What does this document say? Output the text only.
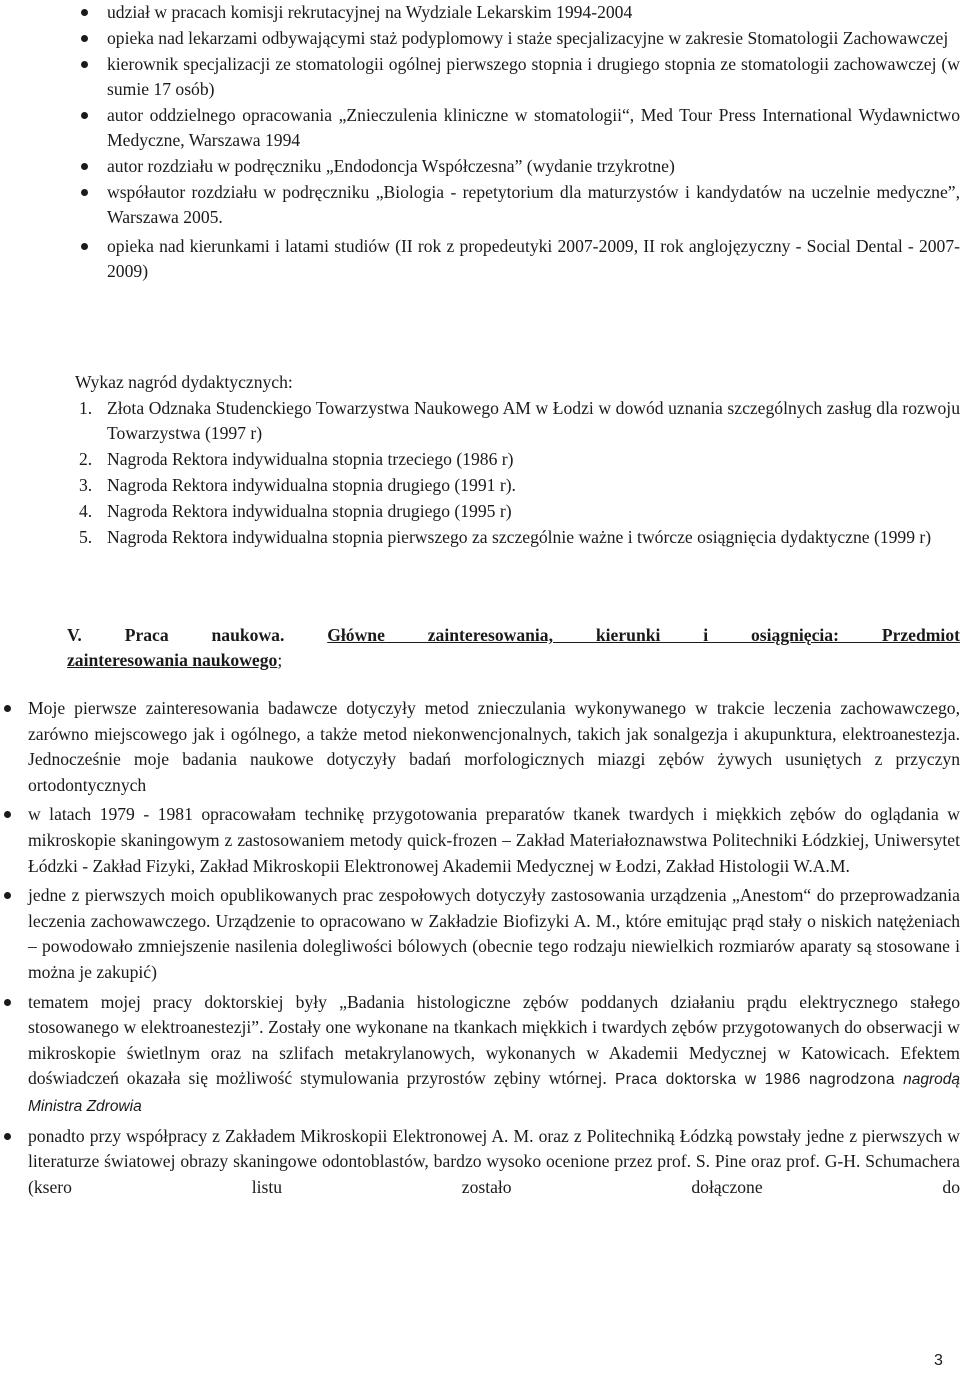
udział w pracach komisji rekrutacyjnej na Wydziale Lekarskim 1994-2004
opieka nad lekarzami odbywającymi staż podyplomowy i staże specjalizacyjne w zakresie Stomatologii Zachowawczej
kierownik specjalizacji ze stomatologii ogólnej pierwszego stopnia i drugiego stopnia ze stomatologii zachowawczej (w sumie 17 osób)
autor oddzielnego opracowania „Znieczulenia kliniczne w stomatologii“, Med Tour Press International Wydawnictwo Medyczne, Warszawa 1994
autor rozdziału w podręczniku „Endodoncja Współczesna” (wydanie trzykrotne)
współautor rozdziału w podręczniku „Biologia - repetytorium dla maturzystów i kandydatów na uczelnie medyczne”, Warszawa 2005.
opieka nad kierunkami i latami studiów (II rok z propedeutyki 2007-2009, II rok anglojęzyczny - Social Dental - 2007-2009)

Wykaz nagród dydaktycznych:

1. Złota Odznaka Studenckiego Towarzystwa Naukowego AM w Łodzi w dowód uznania szczególnych zasług dla rozwoju Towarzystwa (1997 r)
2. Nagroda Rektora indywidualna stopnia trzeciego (1986 r)
3. Nagroda Rektora indywidualna stopnia drugiego (1991 r).
4. Nagroda Rektora indywidualna stopnia drugiego (1995 r)
5. Nagroda Rektora indywidualna stopnia pierwszego za szczególnie ważne i twórcze osiągnięcia dydaktyczne (1999 r)
V. Praca naukowa. Główne zainteresowania, kierunki i osiągnięcia: Przedmiot
zainteresowania naukowego;
Moje pierwsze zainteresowania badawcze dotyczyły metod znieczulania wykonywanego w trakcie leczenia zachowawczego, zarówno miejscowego jak i ogólnego, a także metod niekonwencjonalnych, takich jak sonalgezja i akupunktura, elektroanestezja. Jednocześnie moje badania naukowe dotyczyły badań morfologicznych miazgi zębów żywych usuniętych z przyczyn ortodontycznych
w latach 1979 - 1981 opracowałam technikę przygotowania preparatów tkanek twardych i miękkich zębów do oglądania w mikroskopie skaningowym z zastosowaniem metody quick-frozen – Zakład Materiałoznawstwa Politechniki Łódzkiej, Uniwersytet Łódzki - Zakład Fizyki, Zakład Mikroskopii Elektronowej Akademii Medycznej w Łodzi, Zakład Histologii W.A.M.
jedne z pierwszych moich opublikowanych prac zespołowych dotyczyły zastosowania urządzenia „Anestom“ do przeprowadzania leczenia zachowawczego. Urządzenie to opracowano w Zakładzie Biofizyki A. M., które emitując prąd stały o niskich natężeniach – powodowało zmniejszenie nasilenia dolegliwości bólowych (obecnie tego rodzaju niewielkich rozmiarów aparaty są stosowane i można je zakupić)
tematem mojej pracy doktorskiej były „Badania histologiczne zębów poddanych działaniu prądu elektrycznego stałego stosowanego w elektroanestezji”. Zostały one wykonane na tkankach miękkich i twardych zębów przygotowanych do obserwacji w mikroskopie świetlnym oraz na szlifach metakrylanowych, wykonanych w Akademii Medycznej w Katowicach. Efektem doświadczeń okazała się możliwość stymulowania przyrostów zębiny wtórnej. Praca doktorska w 1986 nagrodzona nagrodą Ministra Zdrowia
ponadto przy współpracy z Zakładem Mikroskopii Elektronowej A. M. oraz z Politechniką Łódzką powstały jedne z pierwszych w literaturze światowej obrazy skaningowe odontoblastów, bardzo wysoko ocenione przez prof. S. Pine oraz prof. G-H. Schumachera (ksero listu zostało dołączone do
3
